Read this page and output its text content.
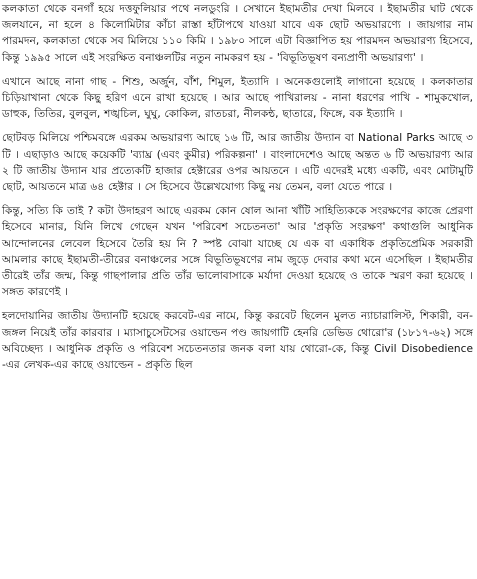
কলকাতা থেকে বনগাঁ হয়ে দত্তফুলিয়ার পথে নলডুংরি । সেখানে ইছামতীর দেখা মিলবে । ইছামতীর ঘাট থেকে জলযানে, না হলে ৪ কিলোমিটার কাঁচা রাস্তা হাঁটাপথে যাওয়া যাবে এক ছোট অভয়ারণ্যে । জায়গার নাম পারমদন, কলকাতা থেকে সব মিলিয়ে ১১০ কিমি । ১৯৮০ সালে এটা বিজ্ঞাপিত হয় পারমদন অভয়ারণ্য হিসেবে, কিন্তু ১৯৯৫ সালে এই সংরক্ষিত বনাঞ্চলটির নতুন নামকরণ হয় - 'বিভূতিভূষণ বন্যপ্রাণী অভয়ারণ্য' ।

এখানে আছে নানা গাছ - শিশু, অর্জুন, বাঁশ, শিমুল, ইত্যাদি । অনেকগুলোই লাগানো হয়েছে । কলকাতার চিড়িয়াখানা থেকে কিছু হরিণ এনে রাখা হয়েছে । আর আছে পাখিরালয় - নানা ধরণের পাখি - শামুকখোল, ডাহুক, তিতির, বুলবুল, শঙ্খচিল, ঘুঘু, কোকিল, রাতচরা, নীলকন্ঠ, ছাতারে, ফিঙ্গে, বক ইত্যাদি ।

ছোটবড় মিলিয়ে পশ্চিমবঙ্গে এরকম অভয়ারণ্য আছে ১৬ টি, আর জাতীয় উদ্যান বা National Parks আছে ৩ টি । এছাড়াও আছে কয়েকটি 'ব্যাঘ্র (এবং কুমীর) পরিকল্পনা' । বাংলাদেশেও আছে অন্তত ৬ টি অভয়ারণ্য আর ২ টি জাতীয় উদ্যান যার প্রত্যেকটি হাজার হেক্টারের ওপর আয়তনে । এটি এদেরই মধ্যে একটি, এবং মোটামুটি ছোট, আয়তনে মাত্র ৬৪ হেক্টার । সে হিসেবে উল্লেখযোগ্য কিছু নয় তেমন, বলা যেতে পারে ।

কিন্তু, সত্যি কি তাই ? কটা উদাহরণ আছে এরকম কোন ষোল আনা খাঁটি সাহিত্যিককে সংরক্ষণের কাজে প্রেরণা হিসেবে মানার, যিনি লিখে গেছেন যখন 'পরিবেশ সচেতনতা' আর 'প্রকৃতি সংরক্ষণ' কথাগুলি আধুনিক আন্দোলনের লেবেল হিসেবে তৈরি হয় নি ? স্পষ্ট বোঝা যাচ্ছে যে এক বা একাধিক প্রকৃতিপ্রেমিক সরকারী আমলার কাছে ইছামতী-তীরের বনাঞ্চলের সঙ্গে বিভূতিভূষণের নাম জুড়ে দেবার কথা মনে এসেছিল । ইছামতীর তীরেই তাঁর জন্ম, কিন্তু গাছপালার প্রতি তাঁর ভালোবাসাকে মর্যাদা দেওয়া হয়েছে ও তাকে স্মরণ করা হয়েছে । সঙ্গত কারণেই ।

হলদোয়ানির জাতীয় উদ্যানটি হয়েছে করবেট-এর নামে, কিন্তু করবেট ছিলেন মুলত ন্যাচারালিস্ট, শিকারী, বন-জঙ্গল নিয়েই তাঁর কারবার । ম্যাসাচুসেটসের ওয়াল্ডেন পণ্ড জায়গাটি হেনরি ডেভিড থোরো'র (১৮১৭-৬২) সঙ্গে অবিচ্ছেদ্য । আধুনিক প্রকৃতি ও পরিবেশ সচেতনতার জনক বলা যায় থোরো-কে, কিন্তু Civil Disobedience -এর লেখক-এর কাছে ওয়াল্ডেন - প্রকৃতি ছিল
